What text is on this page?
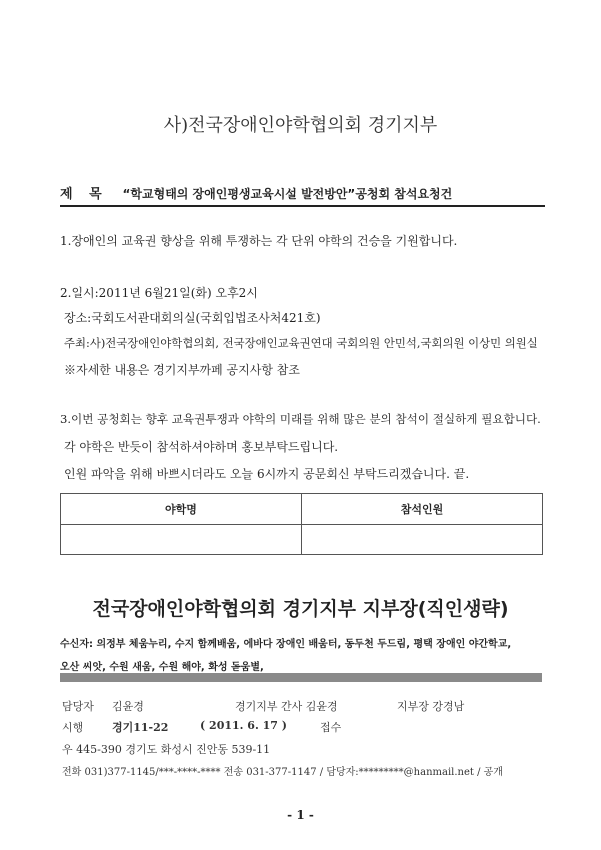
사)전국장애인야학협의회 경기지부
제 목 “학교형태의 장애인평생교육시설 발전방안”공청회 참석요청건
1.장애인의 교육권 향상을 위해 투쟁하는 각 단위 야학의 건승을 기원합니다.
2.일시:2011년 6월21일(화) 오후2시
장소:국회도서관대회의실(국회입법조사처421호)
주최:사)전국장애인야학협의회, 전국장애인교육권연대 국회의원 안민석,국회의원 이상민 의원실
※자세한 내용은 경기지부까페 공지사항 참조
3.이번 공청회는 향후 교육권투쟁과 야학의 미래를 위해 많은 분의 참석이 절실하게 필요합니다.
각 야학은 반듯이 참석하셔야하며 홍보부탁드립니다.
인원 파악을 위해 바쁘시더라도 오늘 6시까지 공문회신 부탁드리겠습니다. 끝.
야학명	참석인원

전국장애인야학협의회 경기지부 지부장(직인생략)
수신자: 의정부 체움누리, 수지 함께배움, 에바다 장애인 배움터, 동두천 두드림, 평택 장애인 야간학교,
오산 씨앗, 수원 새움, 수원 해야, 화성 돋움별,
담당자 김윤경	경기지부 간사 김윤경	지부장 강경남
시행	경기11-22	( 2011. 6. 17 )	접수
우 445-390 경기도 화성시 진안동 539-11
전화 031)377-1145/***-****-**** 전송 031-377-1147 / 담당자:*********@hanmail.net / 공개
- 1 -
